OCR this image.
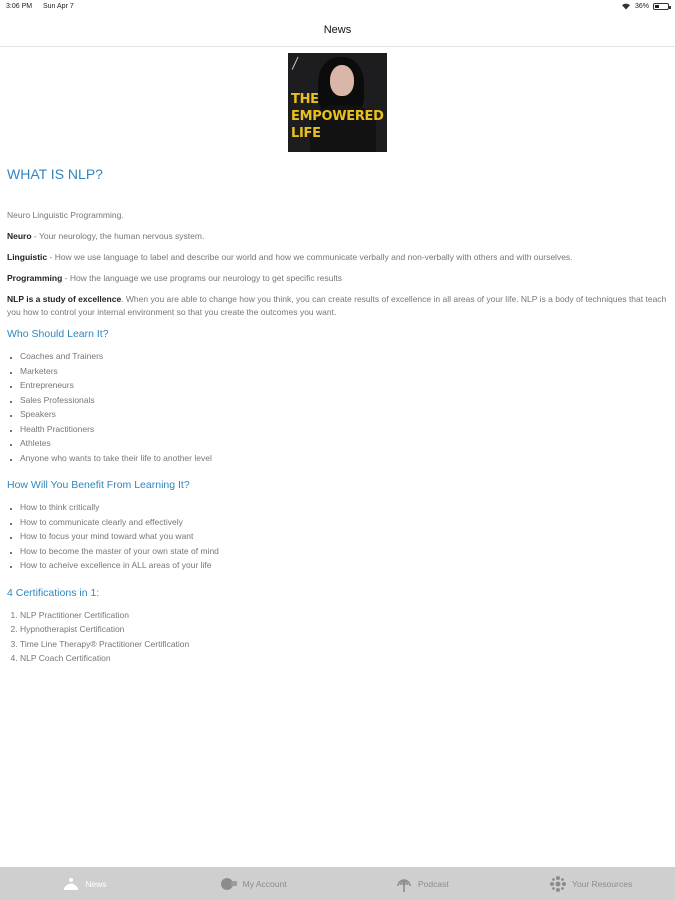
3:06 PM Sun Apr 7	36%
News
THE
EMPOWERED
LIFE
WHAT IS NLP?

Neuro Linguistic Programming.

Neuro - Your neurology, the human nervous system.

Linguistic - How we use language to label and describe our world and how we communicate verbally and non-verbally with others and with ourselves.

Programming - How the language we use programs our neurology to get specific results

NLP is a study of excellence. When you are able to change how you think, you can create results of excellence in all areas of your life. NLP is a body of techniques that teach you how to control your internal environment so that you create the outcomes you want.

Who Should Learn It?
• Coaches and Trainers
• Marketers
• Entrepreneurs
• Sales Professionals
• Speakers
• Health Practitioners
• Athletes
• Anyone who wants to take their life to another level
How Will You Benefit From Learning It?
• How to think critically
• How to communicate clearly and effectively
• How to focus your mind toward what you want
• How to become the master of your own state of mind
• How to acheive excellence in ALL areas of your life
4 Certifications in 1:
1. NLP Practitioner Certification
2. Hypnotherapist Certification
3. Time Line Therapy® Practitioner Certification
4. NLP Coach Certification
News	My Account	Podcast	Your Resources
